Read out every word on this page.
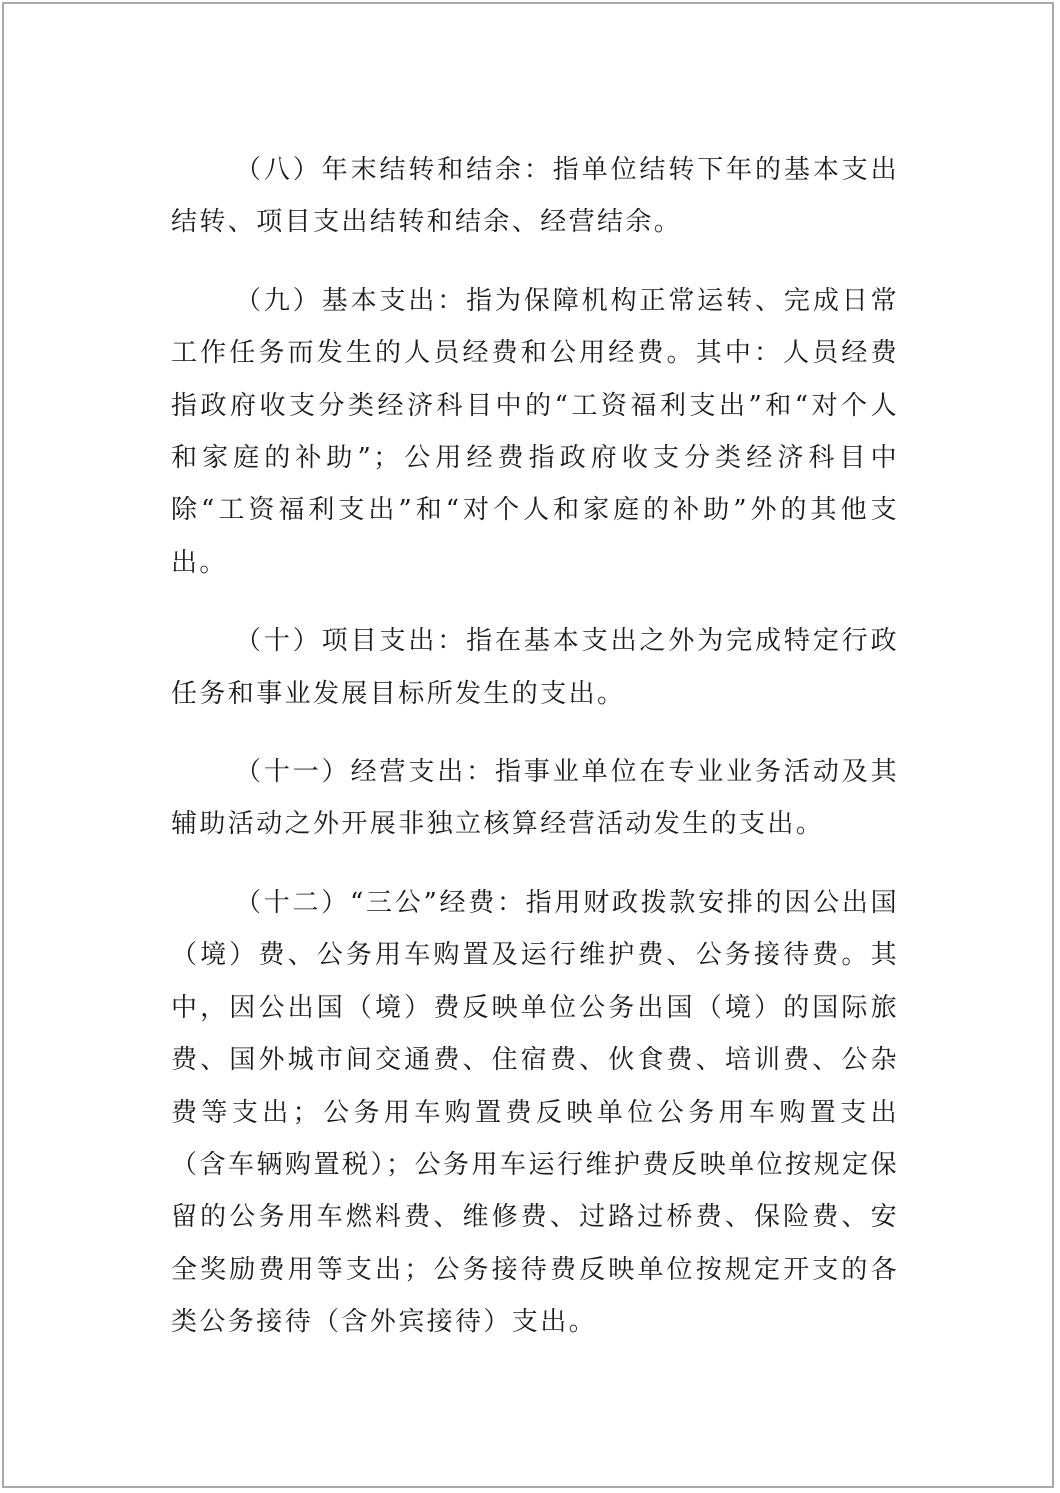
（八）年末结转和结余：指单位结转下年的基本支出结转、项目支出结转和结余、经营结余。

（九）基本支出：指为保障机构正常运转、完成日常工作任务而发生的人员经费和公用经费。其中：人员经费指政府收支分类经济科目中的“工资福利支出”和“对个人和家庭的补助”；公用经费指政府收支分类经济科目中除“工资福利支出”和“对个人和家庭的补助”外的其他支出。

（十）项目支出：指在基本支出之外为完成特定行政任务和事业发展目标所发生的支出。

（十一）经营支出：指事业单位在专业业务活动及其辅助活动之外开展非独立核算经营活动发生的支出。

（十二）“三公”经费：指用财政拨款安排的因公出国（境）费、公务用车购置及运行维护费、公务接待费。其中，因公出国（境）费反映单位公务出国（境）的国际旅费、国外城市间交通费、住宿费、伙食费、培训费、公杂费等支出；公务用车购置费反映单位公务用车购置支出（含车辆购置税）；公务用车运行维护费反映单位按规定保留的公务用车燃料费、维修费、过路过桥费、保险费、安全奖励费用等支出；公务接待费反映单位按规定开支的各类公务接待（含外宾接待）支出。
